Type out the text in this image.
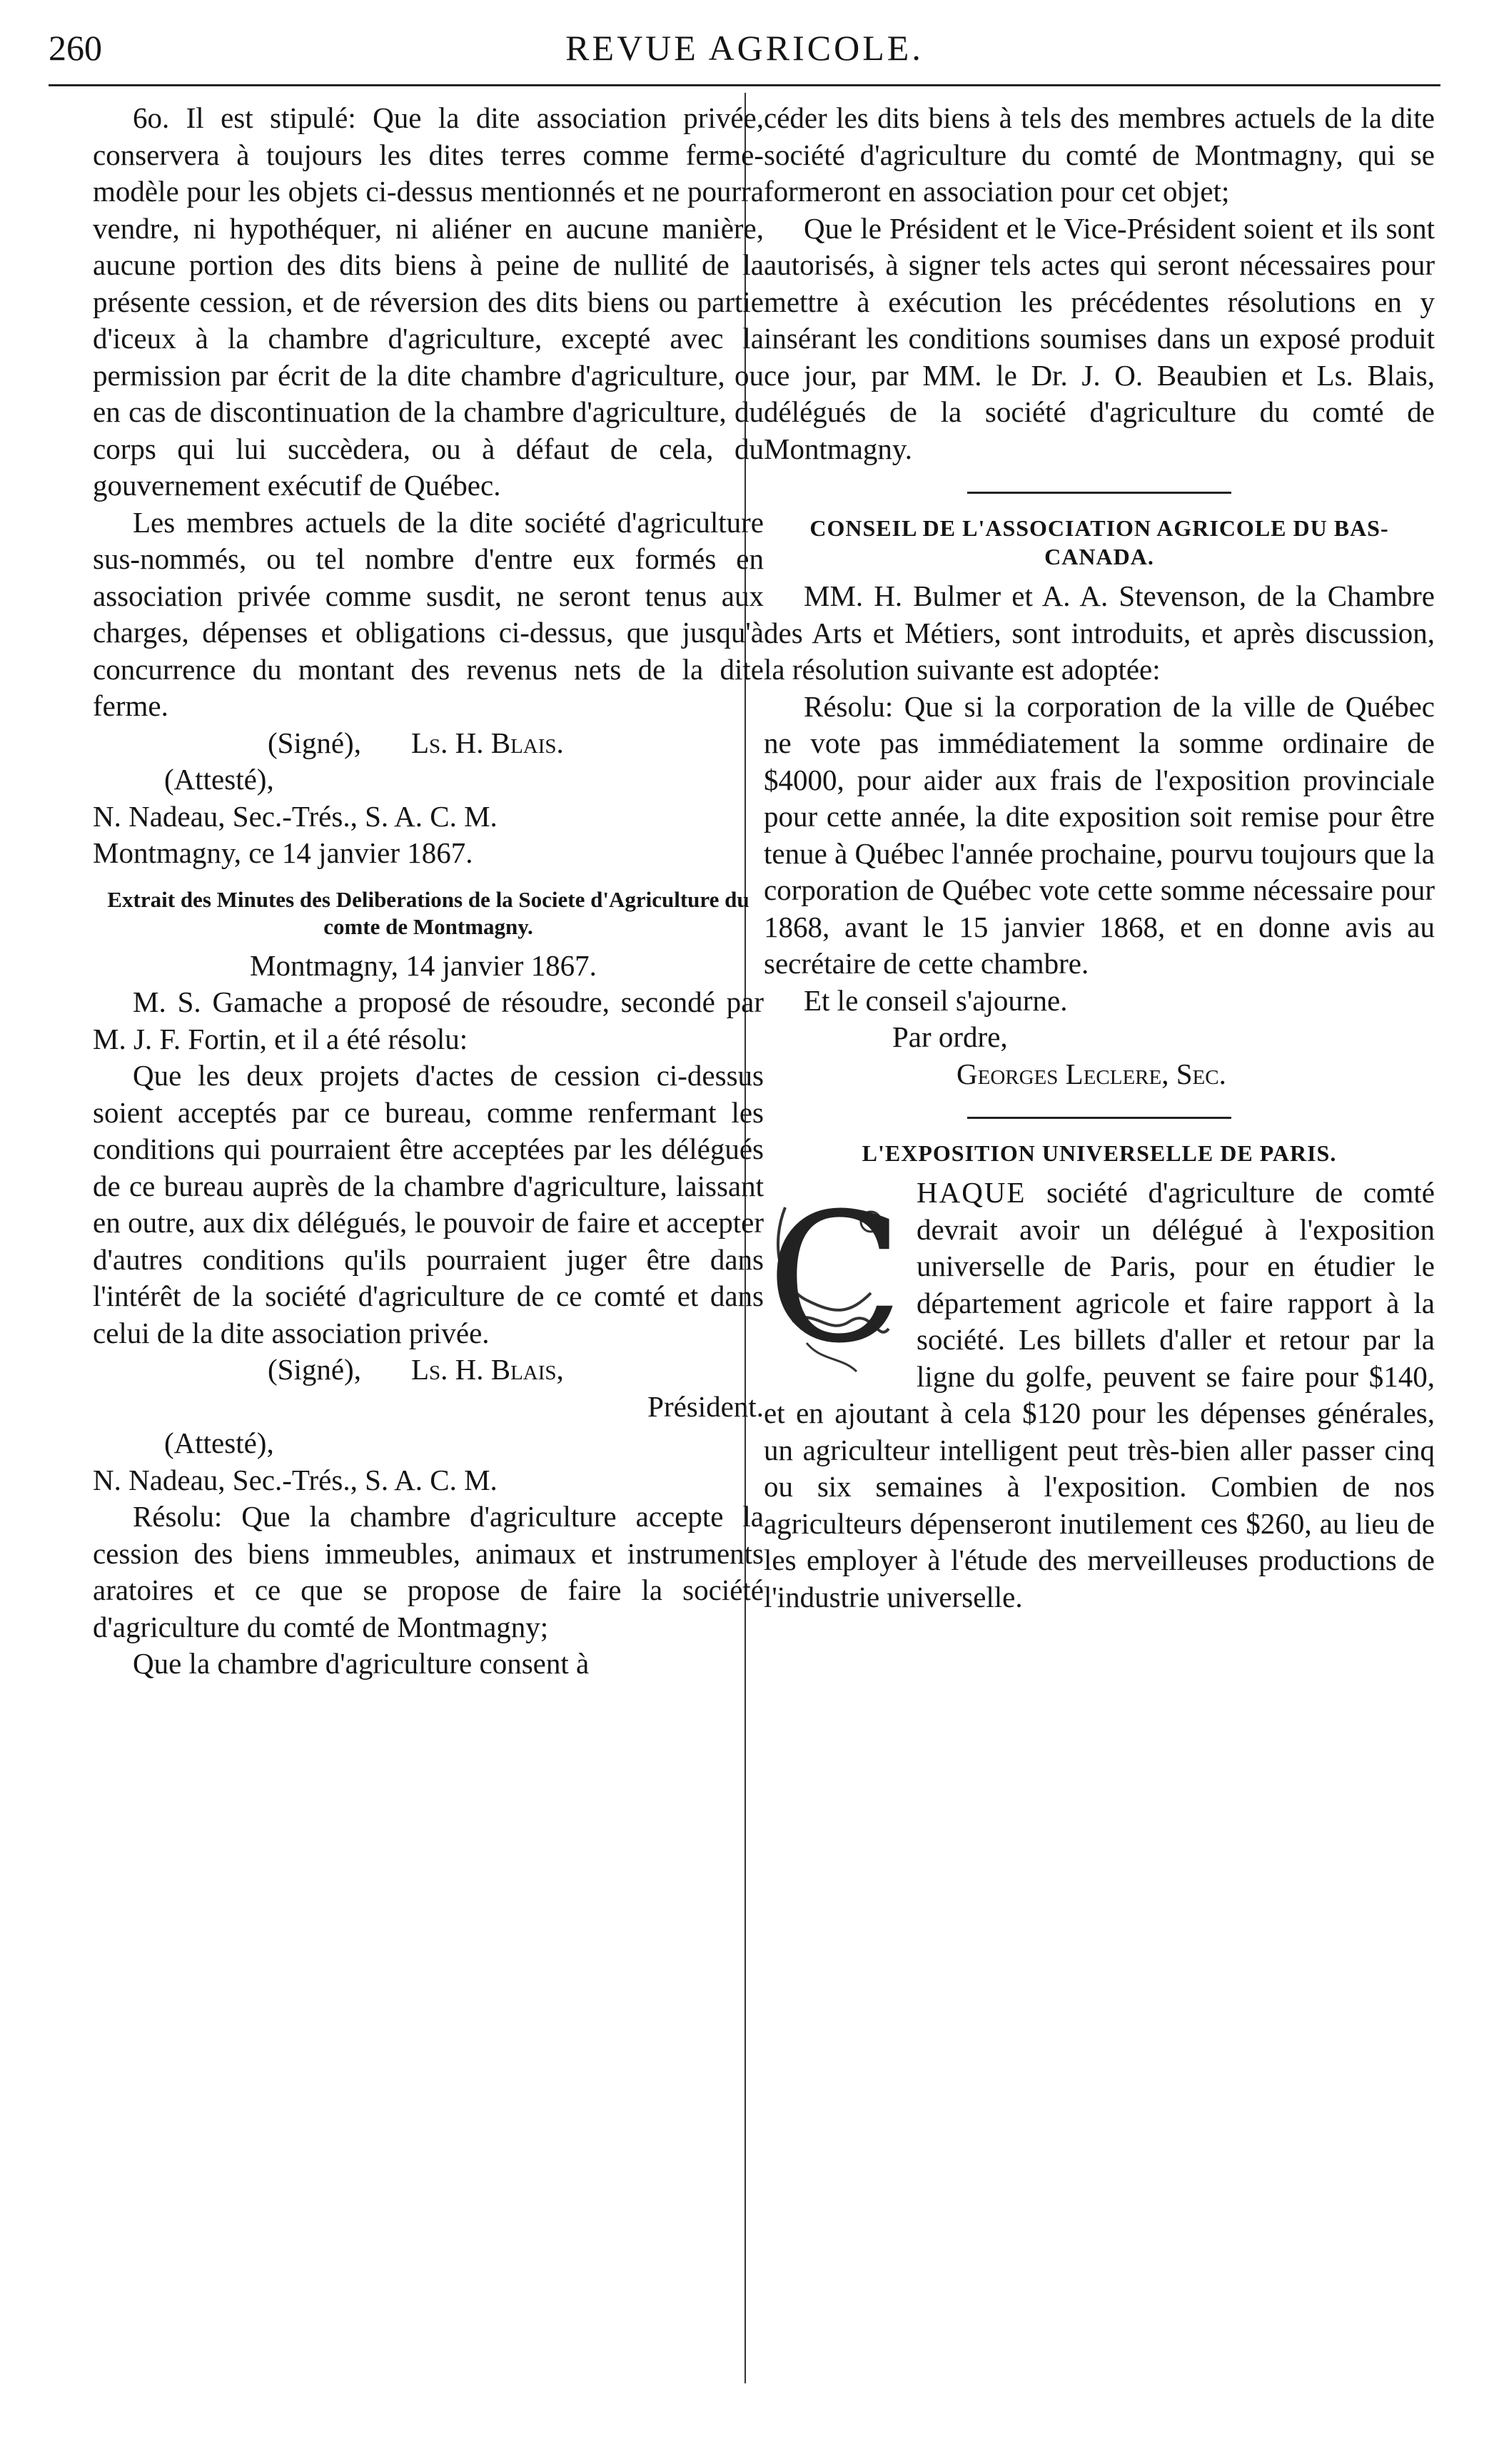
260	REVUE AGRICOLE.

6o. Il est stipulé: Que la dite association privée, conservera à toujours les dites terres comme ferme-modèle pour les objets ci-dessus mentionnés et ne pourra vendre, ni hypothéquer, ni aliéner en aucune manière, aucune portion des dits biens à peine de nullité de la présente cession, et de réversion des dits biens ou partie d'iceux à la chambre d'agriculture, excepté avec la permission par écrit de la dite chambre d'agriculture, ou en cas de discontinuation de la chambre d'agriculture, du corps qui lui succèdera, ou à défaut de cela, du gouvernement exécutif de Québec.

Les membres actuels de la dite société d'agriculture sus-nommés, ou tel nombre d'entre eux formés en association privée comme susdit, ne seront tenus aux charges, dépenses et obligations ci-dessus, que jusqu'à concurrence du montant des revenus nets de la dite ferme.

(Signé), Ls. H. Blais.
(Attesté),
N. Nadeau, Sec.-Trés., S. A. C. M.
Montmagny, ce 14 janvier 1867.
Extrait des Minutes des Deliberations de la Societe d'Agriculture du comte de Montmagny.
Montmagny, 14 janvier 1867.

M. S. Gamache a proposé de résoudre, secondé par M. J. F. Fortin, et il a été résolu:

Que les deux projets d'actes de cession ci-dessus soient acceptés par ce bureau, comme renfermant les conditions qui pourraient être acceptées par les délégués de ce bureau auprès de la chambre d'agriculture, laissant en outre, aux dix délégués, le pouvoir de faire et accepter d'autres conditions qu'ils pourraient juger être dans l'intérêt de la société d'agriculture de ce comté et dans celui de la dite association privée.

(Signé), Ls. H. Blais,
Président.
(Attesté),
N. Nadeau, Sec.-Trés., S. A. C. M.

Résolu: Que la chambre d'agriculture accepte la cession des biens immeubles, animaux et instruments aratoires et ce que se propose de faire la société d'agriculture du comté de Montmagny;

Que la chambre d'agriculture consent à

céder les dits biens à tels des membres actuels de la dite société d'agriculture du comté de Montmagny, qui se formeront en association pour cet objet;

Que le Président et le Vice-Président soient et ils sont autorisés, à signer tels actes qui seront nécessaires pour mettre à exécution les précédentes résolutions en y insérant les conditions soumises dans un exposé produit ce jour, par MM. le Dr. J. O. Beaubien et Ls. Blais, délégués de la société d'agriculture du comté de Montmagny.

CONSEIL DE L'ASSOCIATION AGRICOLE DU BAS-CANADA.

MM. H. Bulmer et A. A. Stevenson, de la Chambre des Arts et Métiers, sont introduits, et après discussion, la résolution suivante est adoptée:

Résolu: Que si la corporation de la ville de Québec ne vote pas immédiatement la somme ordinaire de $4000, pour aider aux frais de l'exposition provinciale pour cette année, la dite exposition soit remise pour être tenue à Québec l'année prochaine, pourvu toujours que la corporation de Québec vote cette somme nécessaire pour 1868, avant le 15 janvier 1868, et en donne avis au secrétaire de cette chambre.

Et le conseil s'ajourne.
Par ordre,
Georges Leclere, Sec.
L'EXPOSITION UNIVERSELLE DE PARIS.
C HAQUE société d'agriculture de comté devrait avoir un délégué à l'exposition universelle de Paris, pour en étudier le département agricole et faire rapport à la société. Les billets d'aller et retour par la ligne du golfe, peuvent se faire pour $140, et en ajoutant à cela $120 pour les dépenses générales, un agriculteur intelligent peut très-bien aller passer cinq ou six semaines à l'exposition. Combien de nos agriculteurs dépenseront inutilement ces $260, au lieu de les employer à l'étude des merveilleuses productions de l'industrie universelle.
